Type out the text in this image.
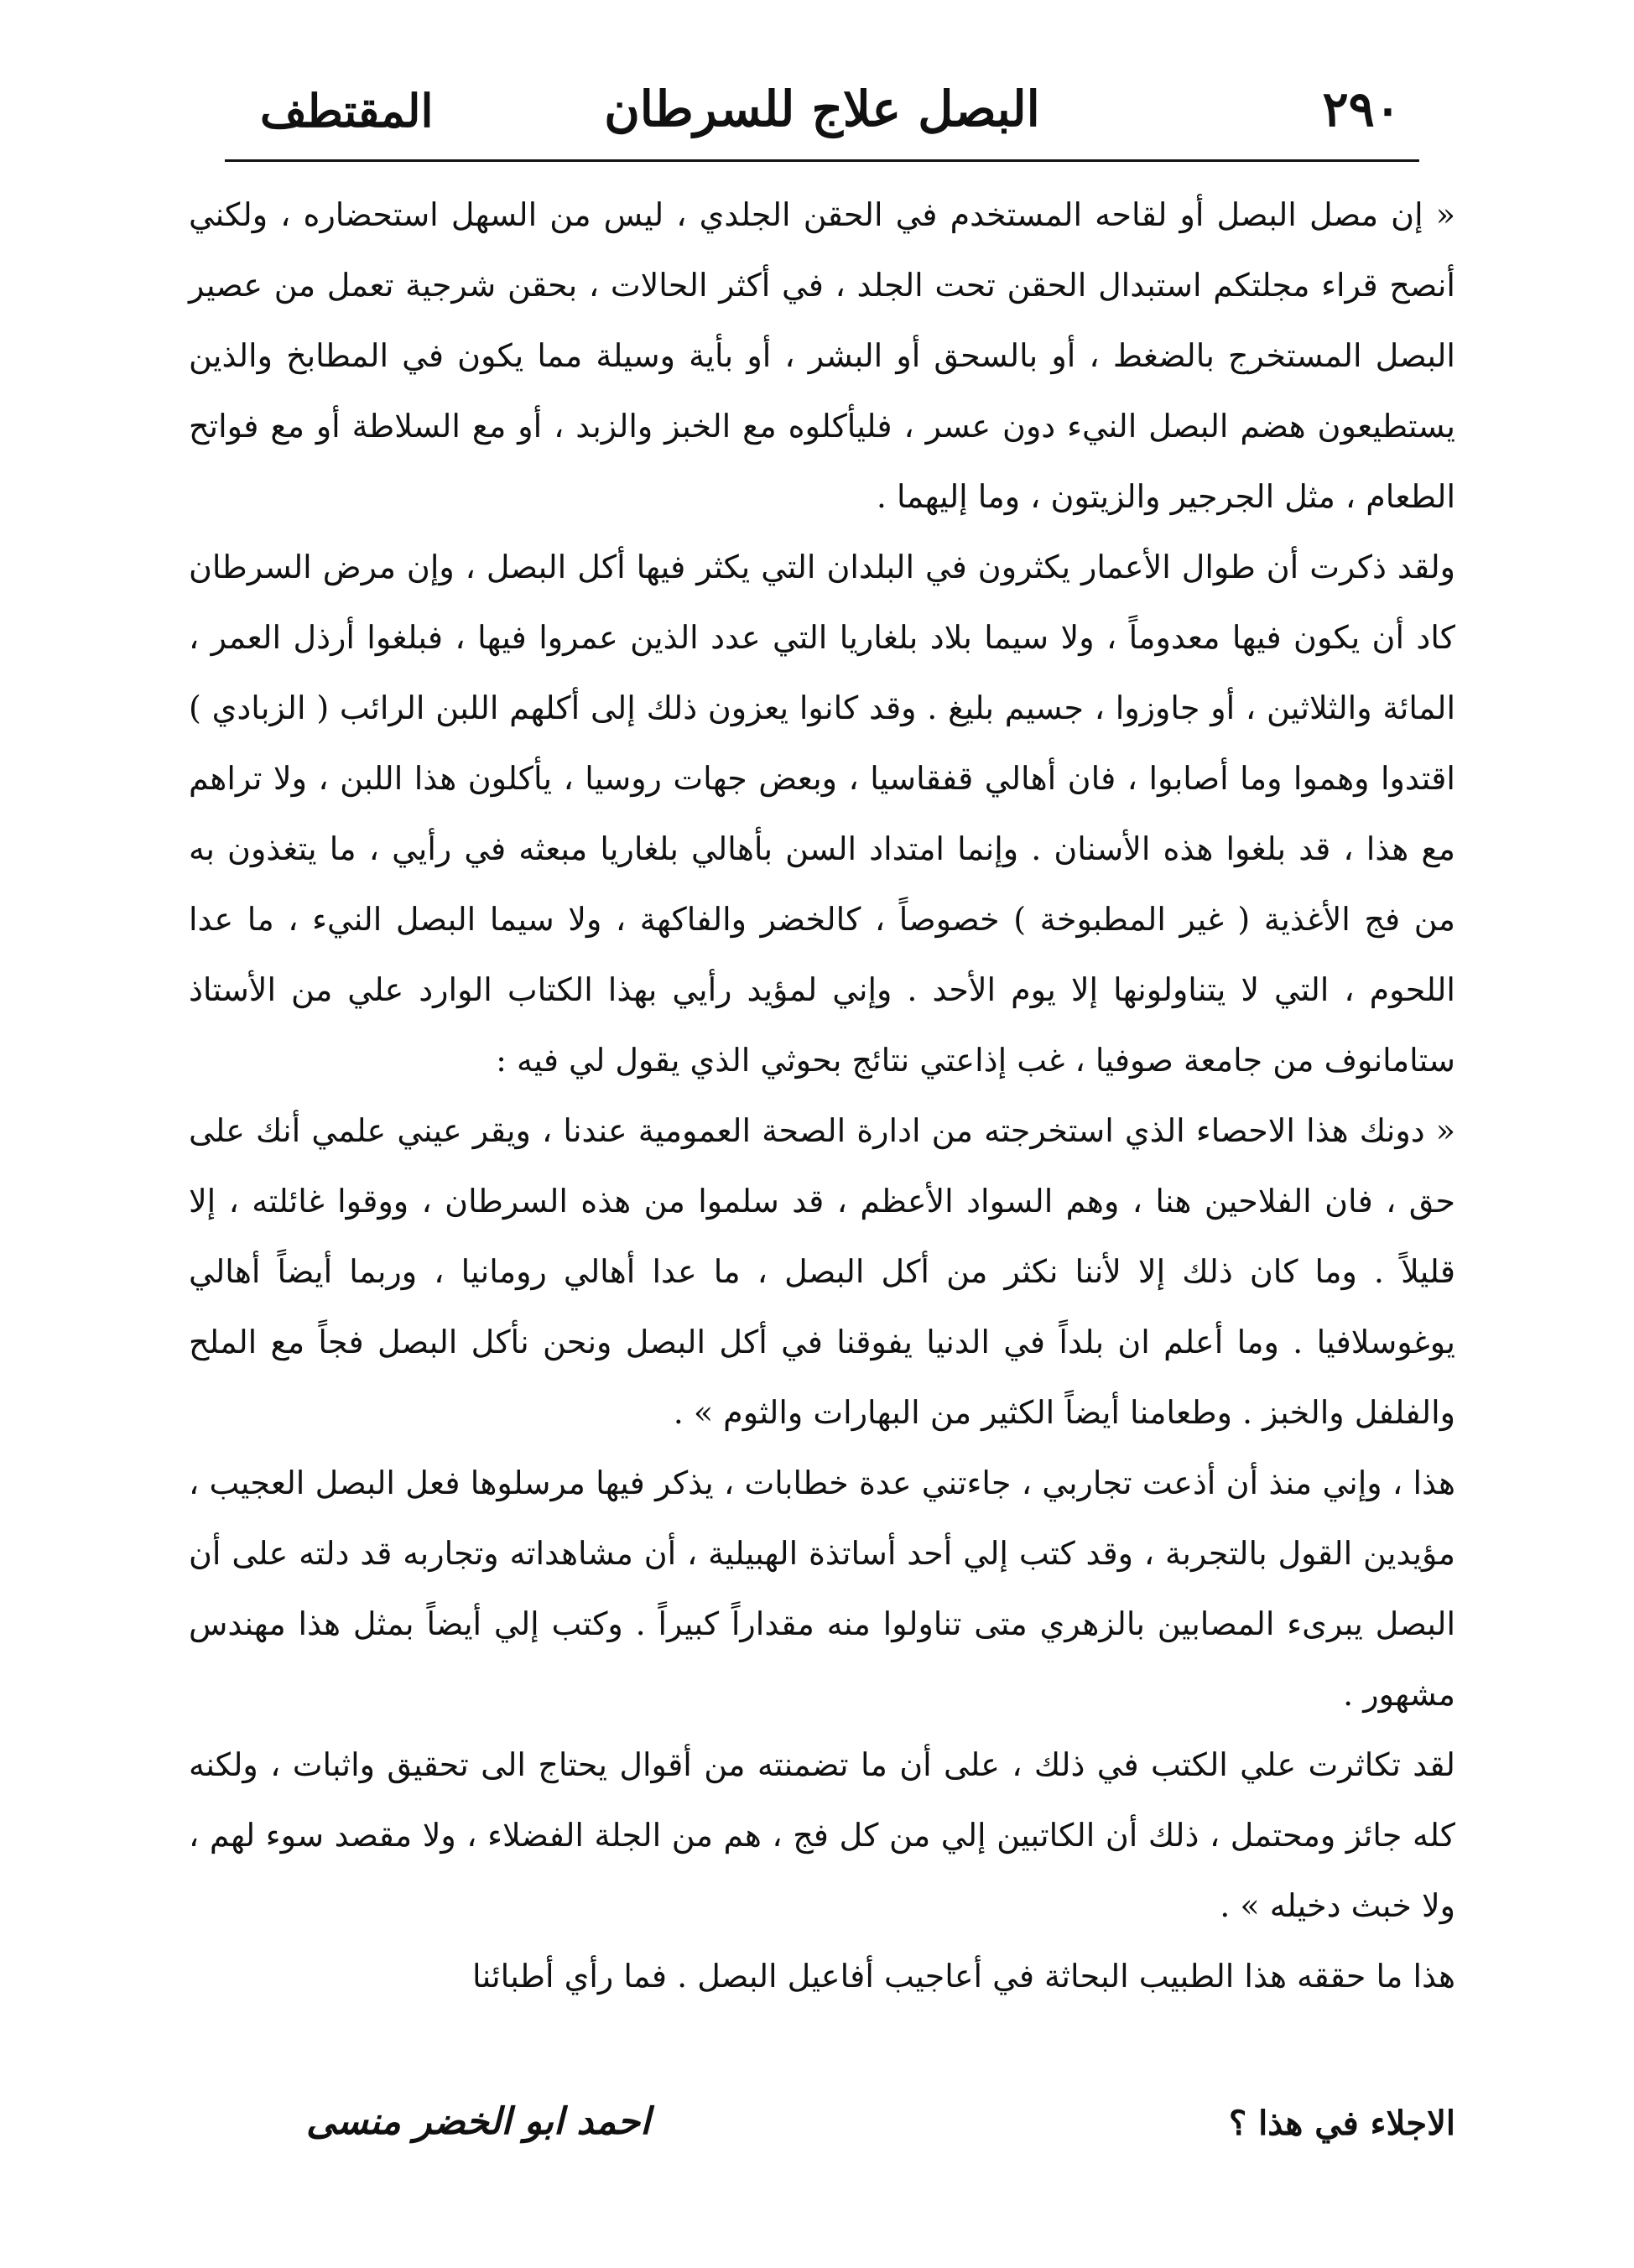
المقتطف	البصل علاج للسرطان	٢٩٠

« إن مصل البصل أو لقاحه المستخدم في الحقن الجلدي ، ليس من السهل استحضاره ، ولكني أنصح قراء مجلتكم استبدال الحقن تحت الجلد ، في أكثر الحالات ، بحقن شرجية تعمل من عصير البصل المستخرج بالضغط ، أو بالسحق أو البشر ، أو بأية وسيلة مما يكون في المطابخ والذين يستطيعون هضم البصل النيء دون عسر ، فليأكلوه مع الخبز والزبد ، أو مع السلاطة أو مع فواتح الطعام ، مثل الجرجير والزيتون ، وما إليهما .

ولقد ذكرت أن طوال الأعمار يكثرون في البلدان التي يكثر فيها أكل البصل ، وإن مرض السرطان كاد أن يكون فيها معدوماً ، ولا سيما بلاد بلغاريا التي عدد الذين عمروا فيها ، فبلغوا أرذل العمر ، المائة والثلاثين ، أو جاوزوا ، جسيم بليغ . وقد كانوا يعزون ذلك إلى أكلهم اللبن الرائب ( الزبادي ) اقتدوا وهموا وما أصابوا ، فان أهالي قفقاسيا ، وبعض جهات روسيا ، يأكلون هذا اللبن ، ولا تراهم مع هذا ، قد بلغوا هذه الأسنان . وإنما امتداد السن بأهالي بلغاريا مبعثه في رأيي ، ما يتغذون به من فج الأغذية ( غير المطبوخة ) خصوصاً ، كالخضر والفاكهة ، ولا سيما البصل النيء ، ما عدا اللحوم ، التي لا يتناولونها إلا يوم الأحد . وإني لمؤيد رأيي بهذا الكتاب الوارد علي من الأستاذ ستامانوف من جامعة صوفيا ، غب إذاعتي نتائج بحوثي الذي يقول لي فيه :

« دونك هذا الاحصاء الذي استخرجته من ادارة الصحة العمومية عندنا ، ويقر عيني علمي أنك على حق ، فان الفلاحين هنا ، وهم السواد الأعظم ، قد سلموا من هذه السرطان ، ووقوا غائلته ، إلا قليلاً . وما كان ذلك إلا لأننا نكثر من أكل البصل ، ما عدا أهالي رومانيا ، وربما أيضاً أهالي يوغوسلافيا . وما أعلم ان بلداً في الدنيا يفوقنا في أكل البصل ونحن نأكل البصل فجاً مع الملح والفلفل والخبز . وطعامنا أيضاً الكثير من البهارات والثوم » .

هذا ، وإني منذ أن أذعت تجاربي ، جاءتني عدة خطابات ، يذكر فيها مرسلوها فعل البصل العجيب ، مؤيدين القول بالتجربة ، وقد كتب إلي أحد أساتذة الهبيلية ، أن مشاهداته وتجاربه قد دلته على أن البصل يبرىء المصابين بالزهري متى تناولوا منه مقداراً كبيراً . وكتب إلي أيضاً بمثل هذا مهندس مشهور .

لقد تكاثرت علي الكتب في ذلك ، على أن ما تضمنته من أقوال يحتاج الى تحقيق واثبات ، ولكنه كله جائز ومحتمل ، ذلك أن الكاتبين إلي من كل فج ، هم من الجلة الفضلاء ، ولا مقصد سوء لهم ، ولا خبث دخيله » .

هذا ما حققه هذا الطبيب البحاثة في أعاجيب أفاعيل البصل . فما رأي أطبائنا

الاجلاء في هذا ؟
احمد ابو الخضر منسى
